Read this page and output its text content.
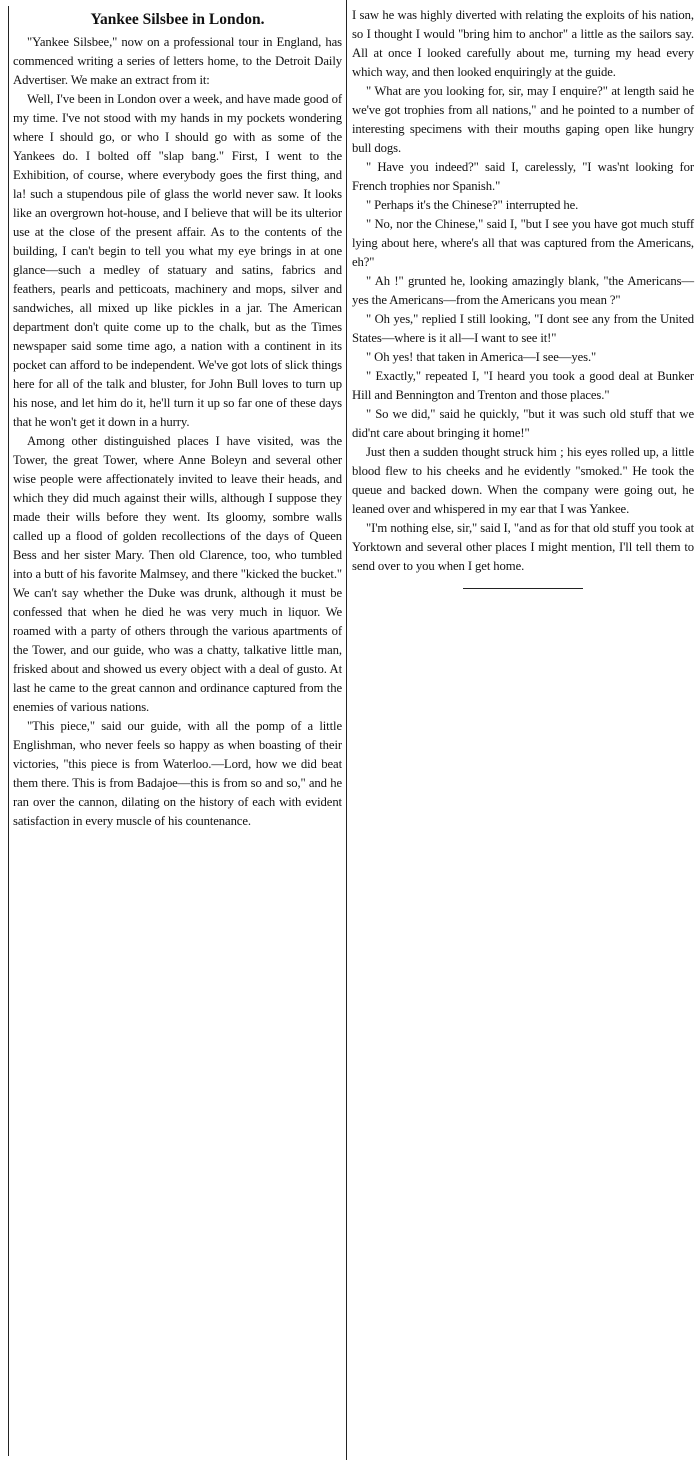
Yankee Silsbee in London.

"Yankee Silsbee," now on a professional tour in England, has commenced writing a series of letters home, to the Detroit Daily Advertiser. We make an extract from it:

Well, I've been in London over a week, and have made good of my time. I've not stood with my hands in my pockets wondering where I should go, or who I should go with as some of the Yankees do. I bolted off "slap bang." First, I went to the Exhibition, of course, where everybody goes the first thing, and la! such a stupendous pile of glass the world never saw. It looks like an overgrown hot-house, and I believe that will be its ulterior use at the close of the present affair. As to the contents of the building, I can't begin to tell you what my eye brings in at one glance—such a medley of statuary and satins, fabrics and feathers, pearls and petticoats, machinery and mops, silver and sandwiches, all mixed up like pickles in a jar. The American department don't quite come up to the chalk, but as the Times newspaper said some time ago, a nation with a continent in its pocket can afford to be independent. We've got lots of slick things here for all of the talk and bluster, for John Bull loves to turn up his nose, and let him do it, he'll turn it up so far one of these days that he won't get it down in a hurry.

Among other distinguished places I have visited, was the Tower, the great Tower, where Anne Boleyn and several other wise people were affectionately invited to leave their heads, and which they did much against their wills, although I suppose they made their wills before they went. Its gloomy, sombre walls called up a flood of golden recollections of the days of Queen Bess and her sister Mary. Then old Clarence, too, who tumbled into a butt of his favorite Malmsey, and there "kicked the bucket." We can't say whether the Duke was drunk, although it must be confessed that when he died he was very much in liquor. We roamed with a party of others through the various apartments of the Tower, and our guide, who was a chatty, talkative little man, frisked about and showed us every object with a deal of gusto. At last he came to the great cannon and ordinance captured from the enemies of various nations.

"This piece," said our guide, with all the pomp of a little Englishman, who never feels so happy as when boasting of their victories, "this piece is from Waterloo.—Lord, how we did beat them there. This is from Badajoe—this is from so and so," and he ran over the cannon, dilating on the history of each with evident satisfaction in every muscle of his countenance.

I saw he was highly diverted with relating the exploits of his nation, so I thought I would "bring him to anchor" a little as the sailors say. All at once I looked carefully about me, turning my head every which way, and then looked enquiringly at the guide.

" What are you looking for, sir, may I enquire?" at length said he we've got trophies from all nations," and he pointed to a number of interesting specimens with their mouths gaping open like hungry bull dogs.

" Have you indeed?" said I, carelessly, "I was'nt looking for French trophies nor Spanish."

" Perhaps it's the Chinese?" interrupted he.

" No, nor the Chinese," said I, "but I see you have got much stuff lying about here, where's all that was captured from the Americans, eh?"

" Ah !" grunted he, looking amazingly blank, "the Americans—yes the Americans—from the Americans you mean ?"

" Oh yes," replied I still looking, "I dont see any from the United States—where is it all—I want to see it!"

" Oh yes! that taken in America—I see—yes."

" Exactly," repeated I, "I heard you took a good deal at Bunker Hill and Bennington and Trenton and those places."

" So we did," said he quickly, "but it was such old stuff that we did'nt care about bringing it home!"

Just then a sudden thought struck him ; his eyes rolled up, a little blood flew to his cheeks and he evidently "smoked." He took the queue and backed down. When the company were going out, he leaned over and whispered in my ear that I was Yankee.

"I'm nothing else, sir," said I, "and as for that old stuff you took at Yorktown and several other places I might mention, I'll tell them to send over to you when I get home.
